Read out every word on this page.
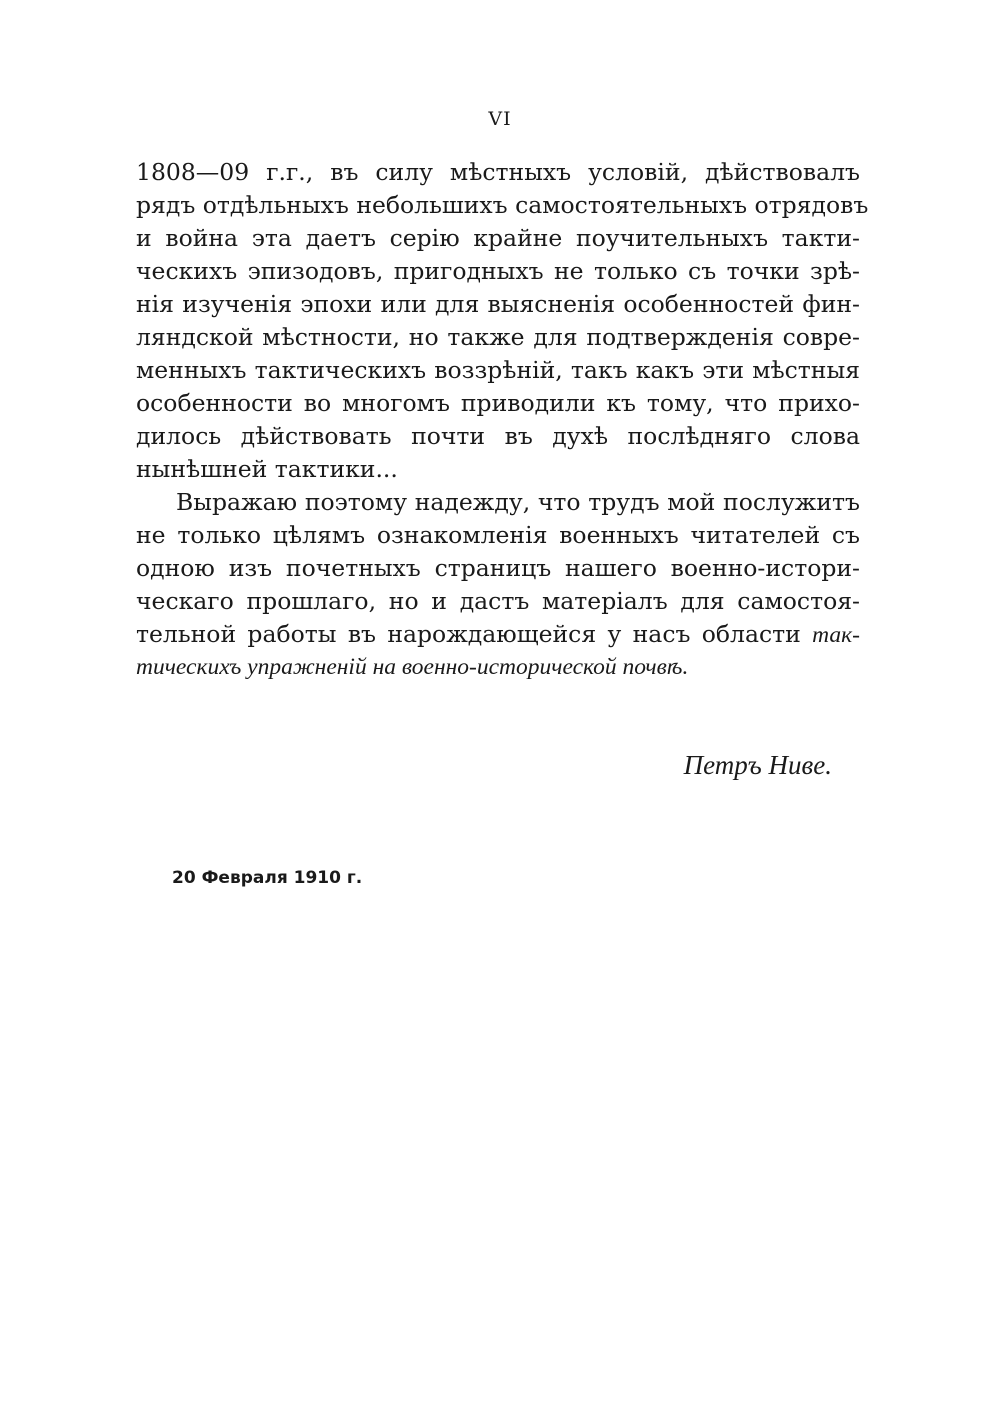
VI
1808—09 г.г., въ силу мѣстныхъ условій, дѣйствовалъ
рядъ отдѣльныхъ небольшихъ самостоятельныхъ отрядовъ
и война эта даетъ серію крайне поучительныхъ такти-
ческихъ эпизодовъ, пригодныхъ не только съ точки зрѣ-
нія изученія эпохи или для выясненія особенностей фин-
ляндской мѣстности, но также для подтвержденія совре-
менныхъ тактическихъ воззрѣній, такъ какъ эти мѣстныя
особенности во многомъ приводили къ тому, что прихо-
дилось дѣйствовать почти въ духѣ послѣдняго слова
нынѣшней тактики...
Выражаю поэтому надежду, что трудъ мой послужитъ
не только цѣлямъ ознакомленія военныхъ читателей съ
одною изъ почетныхъ страницъ нашего военно-истори-
ческаго прошлаго, но и дастъ матеріалъ для самостоя-
тельной работы въ нарождающейся у насъ области так-
тическихъ упражненій на военно-исторической почвѣ.
Петръ Ниве.
20 Февраля 1910 г.
